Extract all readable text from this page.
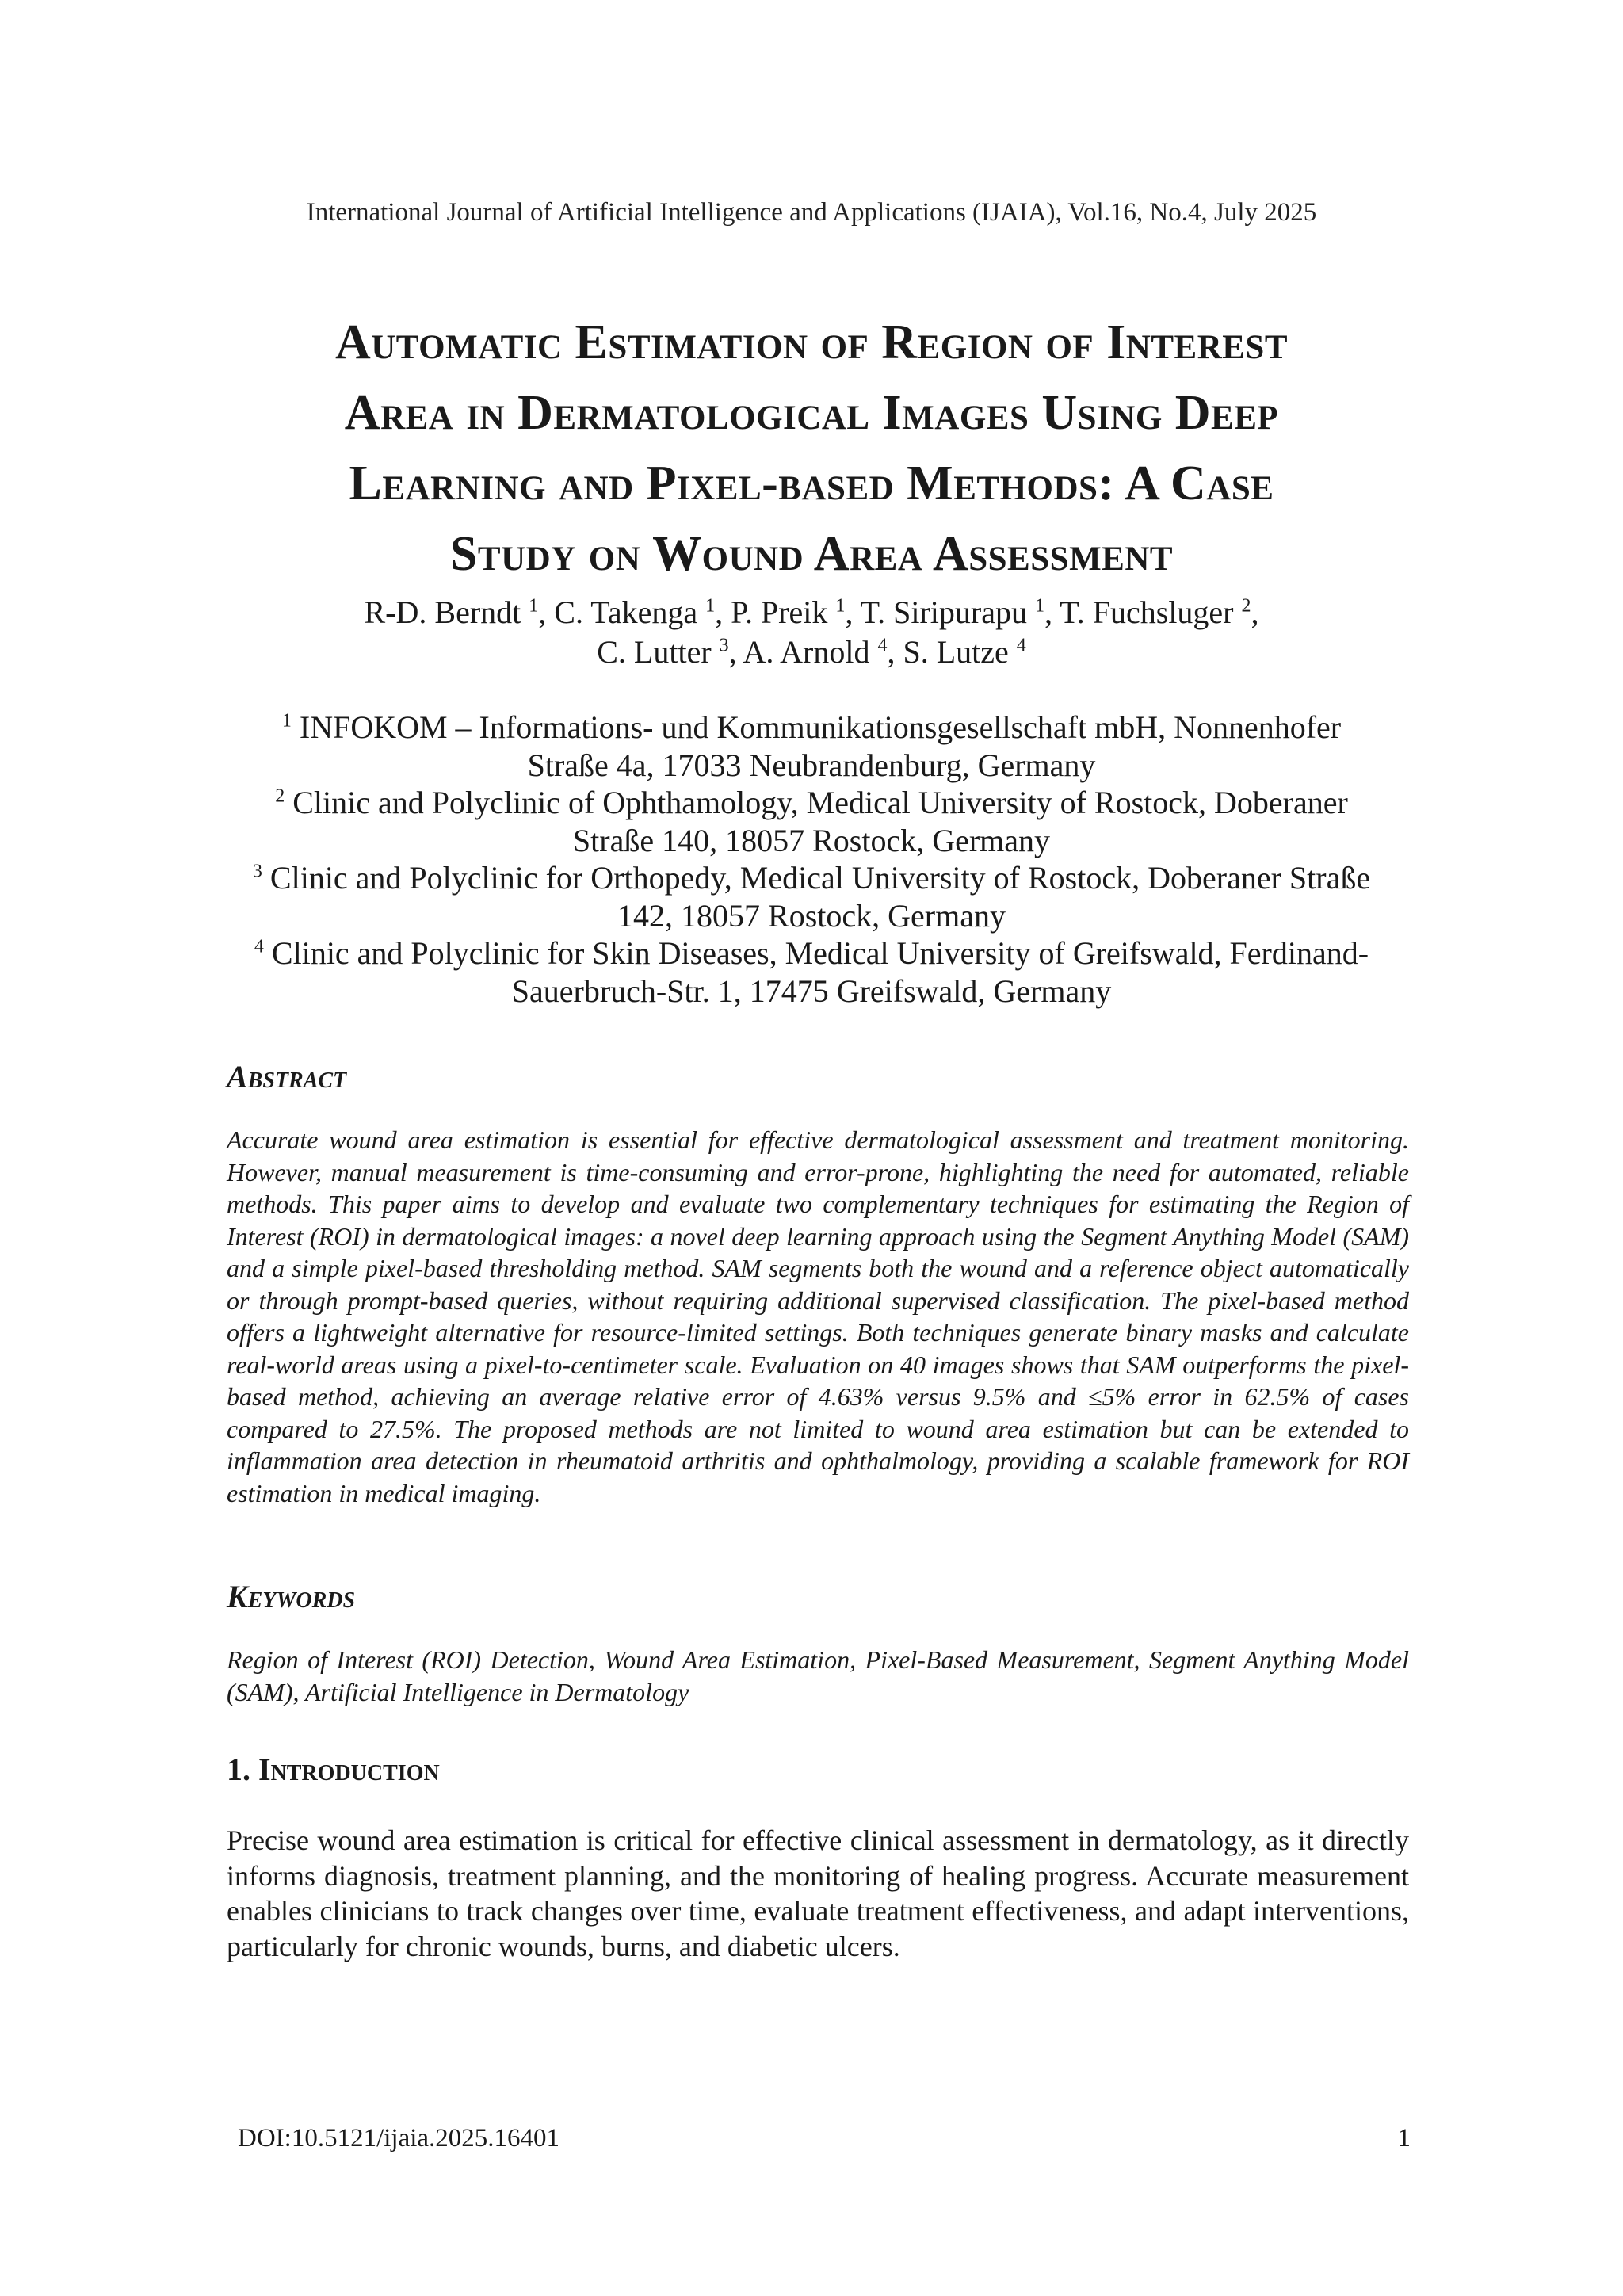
International Journal of Artificial Intelligence and Applications (IJAIA), Vol.16, No.4, July 2025
Automatic Estimation of Region of Interest
Area in Dermatological Images Using Deep
Learning and Pixel-based Methods: A Case
Study on Wound Area Assessment
R-D. Berndt $^1$, C. Takenga $^1$, P. Preik $^1$, T. Siripurapu $^1$, T. Fuchsluger $^2$,
C. Lutter $^3$, A. Arnold $^4$, S. Lutze $^4$
$^1$ INFOKOM – Informations- und Kommunikationsgesellschaft mbH, Nonnenhofer
Straße 4a, 17033 Neubrandenburg, Germany
$^2$ Clinic and Polyclinic of Ophthamology, Medical University of Rostock, Doberaner
Straße 140, 18057 Rostock, Germany
$^3$ Clinic and Polyclinic for Orthopedy, Medical University of Rostock, Doberaner Straße
142, 18057 Rostock, Germany
$^4$ Clinic and Polyclinic for Skin Diseases, Medical University of Greifswald, Ferdinand-
Sauerbruch-Str. 1, 17475 Greifswald, Germany
Abstract
Accurate wound area estimation is essential for effective dermatological assessment and treatment monitoring. However, manual measurement is time-consuming and error-prone, highlighting the need for automated, reliable methods. This paper aims to develop and evaluate two complementary techniques for estimating the Region of Interest (ROI) in dermatological images: a novel deep learning approach using the Segment Anything Model (SAM) and a simple pixel-based thresholding method. SAM segments both the wound and a reference object automatically or through prompt-based queries, without requiring additional supervised classification. The pixel-based method offers a lightweight alternative for resource-limited settings. Both techniques generate binary masks and calculate real-world areas using a pixel-to-centimeter scale. Evaluation on 40 images shows that SAM outperforms the pixel-based method, achieving an average relative error of 4.63% versus 9.5% and ≤5% error in 62.5% of cases compared to 27.5%. The proposed methods are not limited to wound area estimation but can be extended to inflammation area detection in rheumatoid arthritis and ophthalmology, providing a scalable framework for ROI estimation in medical imaging.
Keywords
Region of Interest (ROI) Detection, Wound Area Estimation, Pixel-Based Measurement, Segment Anything Model (SAM), Artificial Intelligence in Dermatology
1. Introduction
Precise wound area estimation is critical for effective clinical assessment in dermatology, as it directly informs diagnosis, treatment planning, and the monitoring of healing progress. Accurate measurement enables clinicians to track changes over time, evaluate treatment effectiveness, and adapt interventions, particularly for chronic wounds, burns, and diabetic ulcers.
DOI:10.5121/ijaia.2025.16401	1
